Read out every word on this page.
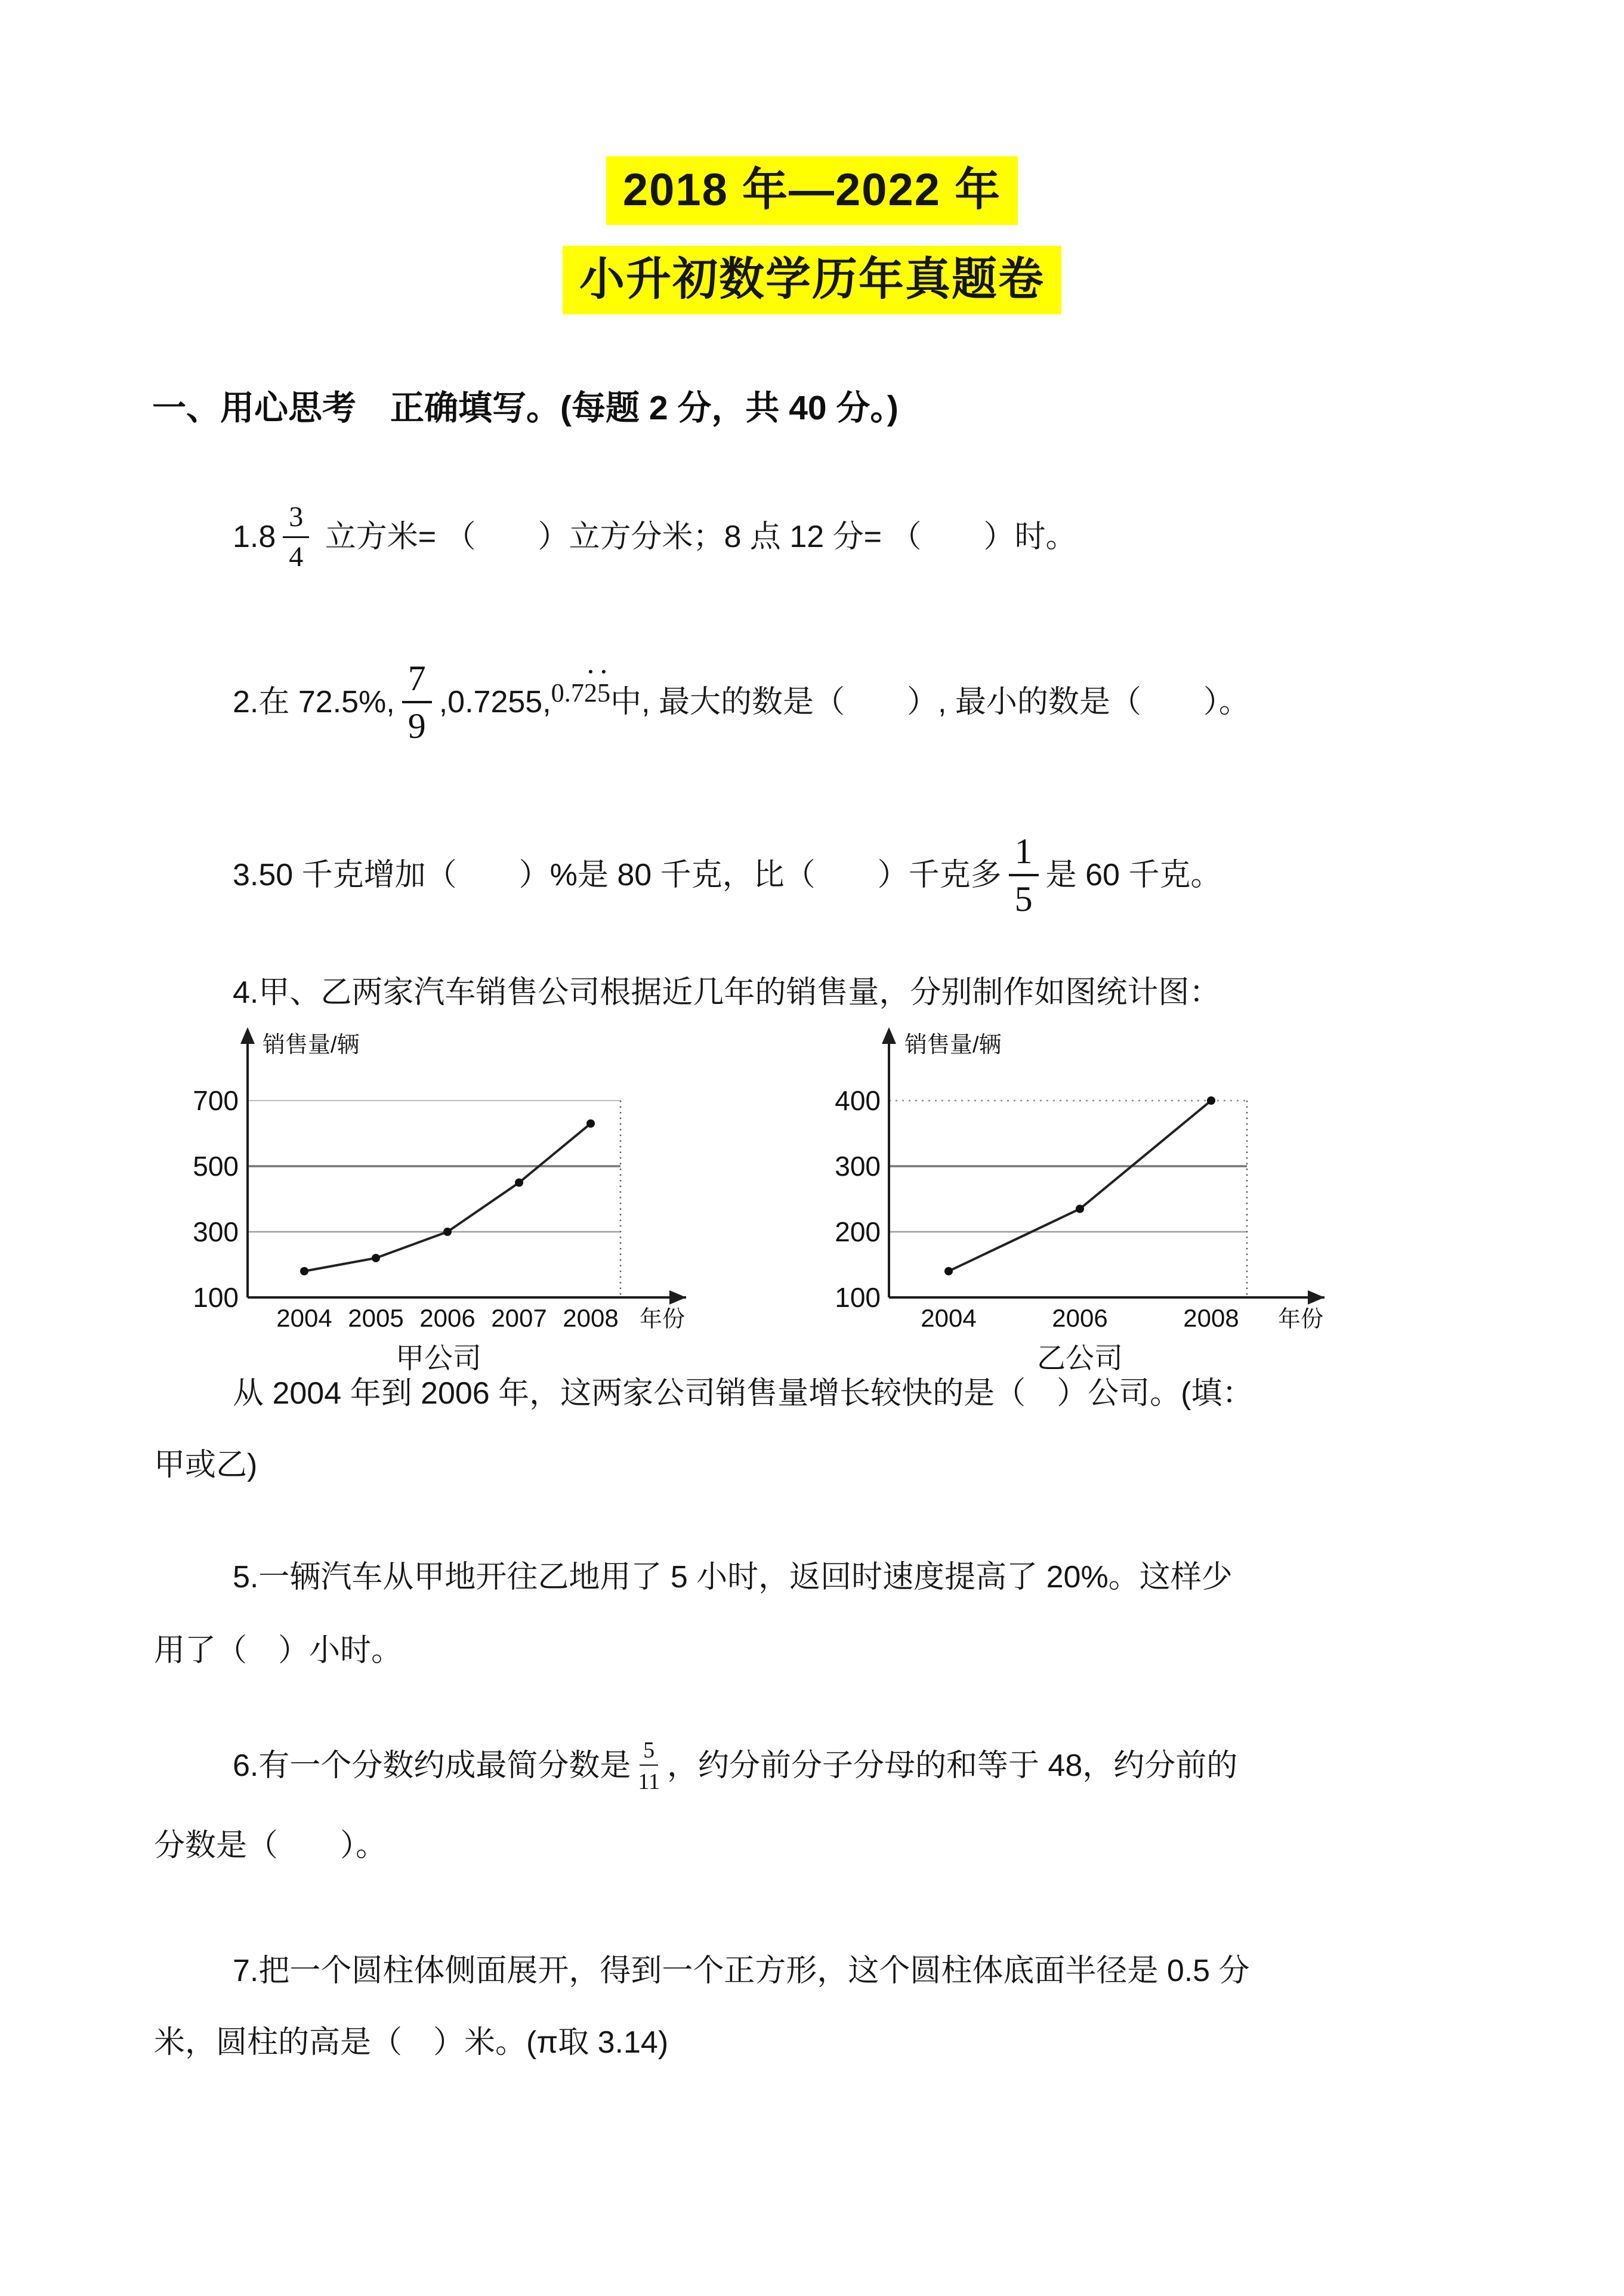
2018 年—2022 年
小升初数学历年真题卷
一、用心思考　正确填写。(每题 2 分，共 40 分。)
$1.8 \frac{3}{4}$ 立方米= （　　）立方分米；8 点 12 分= （　　）时。
2.在 72.5%, $\frac{7}{9} ,0.7255$, 0.7 2 5 中, 最大的数是（　　）, 最小的数是（　　）。
3.50 千克增加（　　）%是 80 千克，比（　　）千克多 $\frac{1}{5}$ 是 60 千克。
4.甲、乙两家汽车销售公司根据近几年的销售量，分别制作如图统计图：
销售量/辆
年份
100
300
500
700
2004 2005 2006 2007 2008
甲公司
销售量/辆
年份
100
200
300
400
2004	2006	2008
乙公司
从 2004 年到 2006 年，这两家公司销售量增长较快的是（　）公司。(填：
甲或乙)
5.一辆汽车从甲地开往乙地用了 5 小时，返回时速度提高了 20%。这样少
用了（　）小时。
6.有一个分数约成最简分数是 $\frac{5}{11}$ ，约分前分子分母的和等于 48，约分前的
分数是（　　）。
7.把一个圆柱体侧面展开，得到一个正方形，这个圆柱体底面半径是 0.5 分
米，圆柱的高是（　）米。(π取 3.14)
